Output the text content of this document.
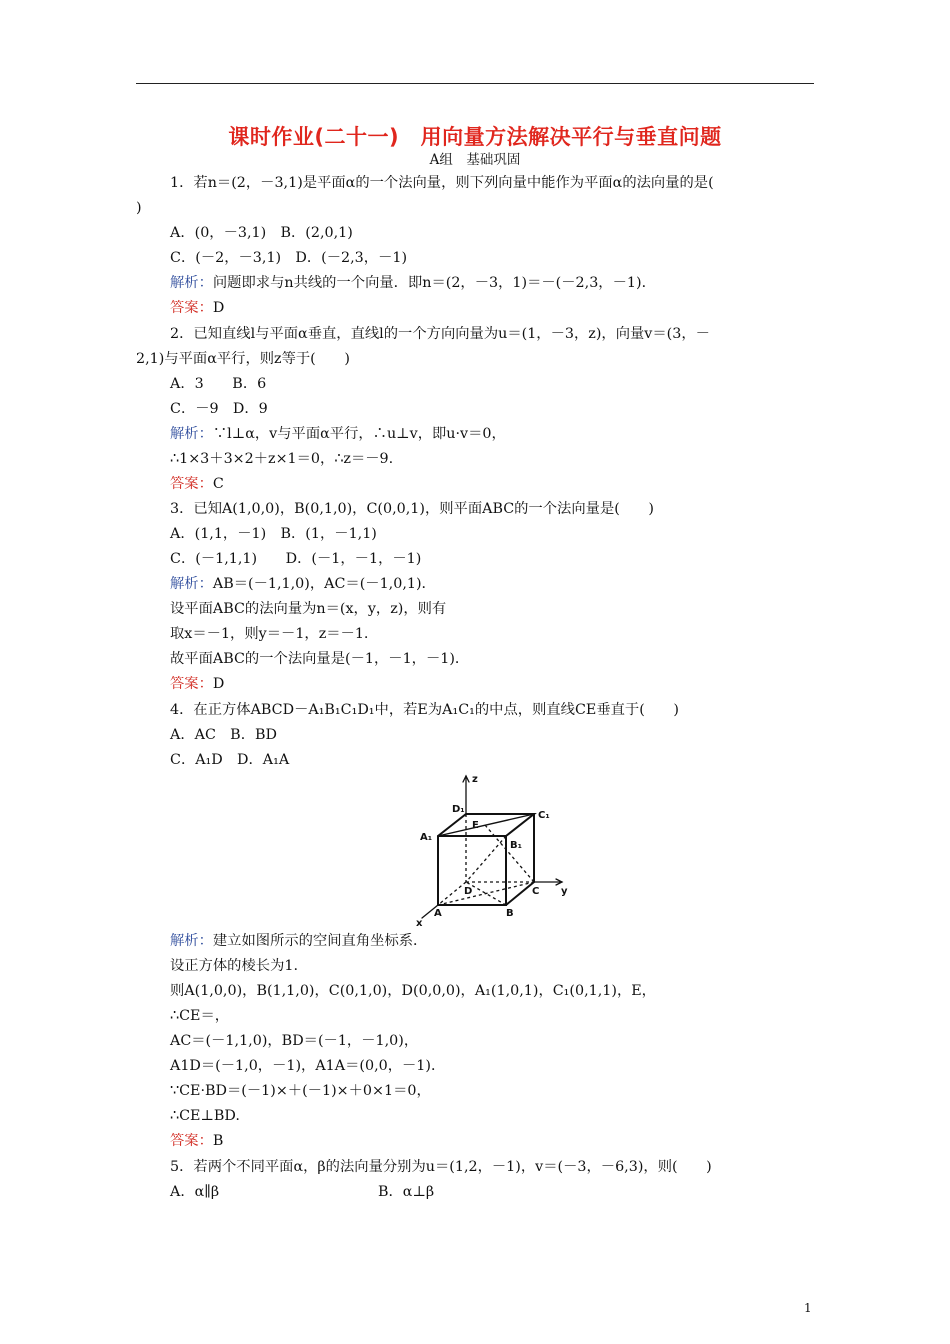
课时作业(二十一)　用向量方法解决平行与垂直问题
A组　基础巩固
1．若n＝(2，－3,1)是平面α的一个法向量，则下列向量中能作为平面α的法向量的是(
)
A．(0，－3,1)　B．(2,0,1)
C．(－2，－3,1)　D．(－2,3，－1)
解析：问题即求与n共线的一个向量．即n＝(2，－3，1)＝－(－2,3，－1)．
答案：D
2．已知直线l与平面α垂直，直线l的一个方向向量为u＝(1，－3，z)，向量v＝(3，－
2,1)与平面α平行，则z等于(　　)
A．3　　B．6
C．－9　D．9
解析：∵l⊥α，v与平面α平行，∴u⊥v，即u·v＝0，
∴1×3＋3×2＋z×1＝0，∴z＝－9.
答案：C
3．已知A(1,0,0)，B(0,1,0)，C(0,0,1)，则平面ABC的一个法向量是(　　)
A．(1,1，－1)　B．(1，－1,1)
C．(－1,1,1)　　D．(－1，－1，－1)
解析：AB＝(－1,1,0)，AC＝(－1,0,1)．
设平面ABC的法向量为n＝(x，y，z)，则有
取x＝－1，则y＝－1，z＝－1.
故平面ABC的一个法向量是(－1，－1，－1)．
答案：D
4．在正方体ABCD－A₁B₁C₁D₁中，若E为A₁C₁的中点，则直线CE垂直于(　　)
A．AC　B．BD
C．A₁D　D．A₁A
z
D₁
C₁
E
A₁
B₁
D	C y
A	B
x
解析：建立如图所示的空间直角坐标系．
设正方体的棱长为1.
则A(1,0,0)，B(1,1,0)，C(0,1,0)，D(0,0,0)，A₁(1,0,1)，C₁(0,1,1)，E，
∴CE＝，
AC＝(－1,1,0)，BD＝(－1，－1,0)，
A1D＝(－1,0，－1)，A1A＝(0,0，－1)．
∵CE·BD＝(－1)×＋(－1)×＋0×1＝0，
∴CE⊥BD.
答案：B
5．若两个不同平面α，β的法向量分别为u＝(1,2，－1)，v＝(－3，－6,3)，则(　　)
A．α∥β	B．α⊥β
1
